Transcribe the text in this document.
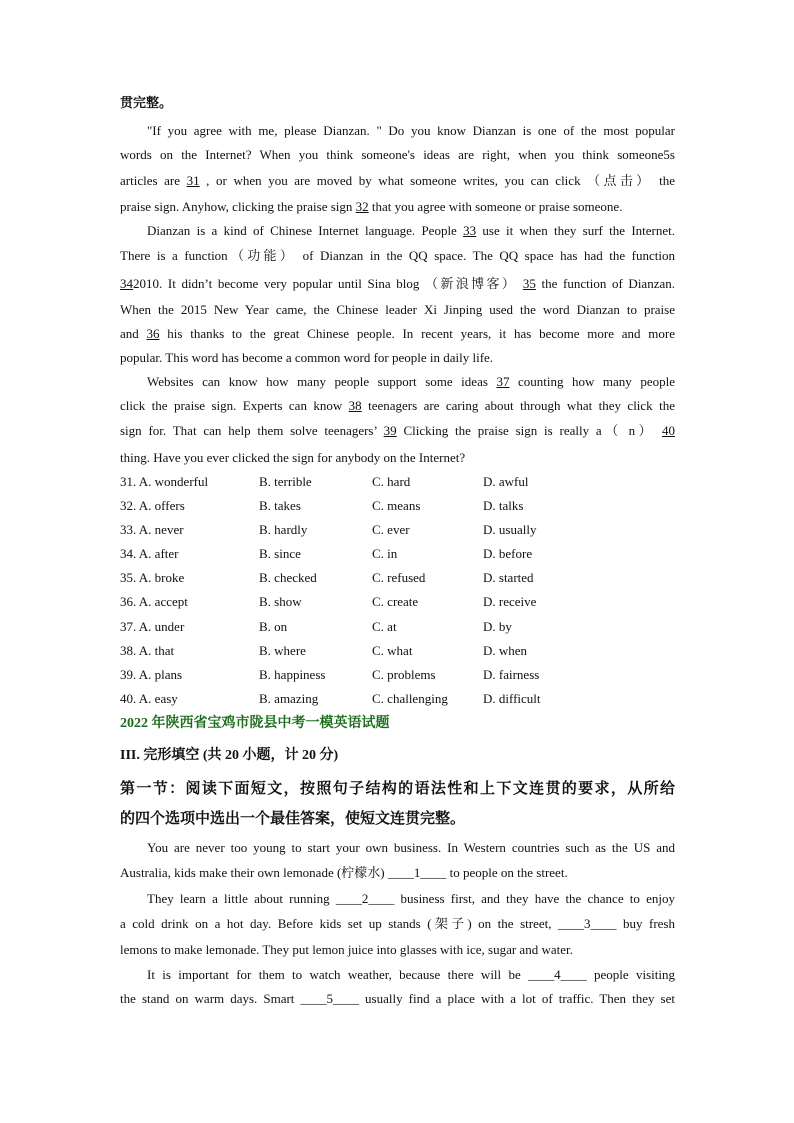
贯完整。
"If you agree with me, please Dianzan. " Do you know Dianzan is one of the most popular
words on the Internet? When you think someone's ideas are right, when you think someone5s
articles are 31 , or when you are moved by what someone writes, you can click （点击） the
praise sign. Anyhow, clicking the praise sign 32 that you agree with someone or praise someone.
Dianzan is a kind of Chinese Internet language. People 33 use it when they surf the Internet.
There is a function（功能） of Dianzan in the QQ space. The QQ space has had the function
342010. It didn’t become very popular until Sina blog （新浪博客） 35 the function of Dianzan.
When the 2015 New Year came, the Chinese leader Xi Jinping used the word Dianzan to praise
and 36 his thanks to the great Chinese people. In recent years, it has become more and more
popular. This word has become a common word for people in daily life.
Websites can know how many people support some ideas 37 counting how many people
click the praise sign. Experts can know 38 teenagers are caring about through what they click the
sign for. That can help them solve teenagers’ 39 Clicking the praise sign is really a（ n） 40
thing. Have you ever clicked the sign for anybody on the Internet?
31. A. wonderful	B. terrible	C. hard	D. awful
32. A. offers	B. takes	C. means	D. talks
33. A. never	B. hardly	C. ever	D. usually
34. A. after	B. since	C. in	D. before
35. A. broke	B. checked	C. refused	D. started
36. A. accept	B. show	C. create	D. receive
37. A. under	B. on	C. at	D. by
38. A. that	B. where	C. what	D. when
39. A. plans	B. happiness	C. problems	D. fairness
40. A. easy	B. amazing	C. challenging	D. difficult
2022 年陕西省宝鸡市陇县中考一模英语试题
III. 完形填空 (共 20 小题，计 20 分)
第一节：阅读下面短文，按照句子结构的语法性和上下文连贯的要求，从所给
的四个选项中选出一个最佳答案，使短文连贯完整。
You are never too young to start your own business. In Western countries such as the US and
Australia, kids make their own lemonade (柠檬水) ____1____ to people on the street.
They learn a little about running ____2____ business first, and they have the chance to enjoy
a cold drink on a hot day. Before kids set up stands (架子) on the street, ____3____ buy fresh
lemons to make lemonade. They put lemon juice into glasses with ice, sugar and water.
It is important for them to watch weather, because there will be ____4____ people visiting
the stand on warm days. Smart ____5____ usually find a place with a lot of traffic. Then they set
